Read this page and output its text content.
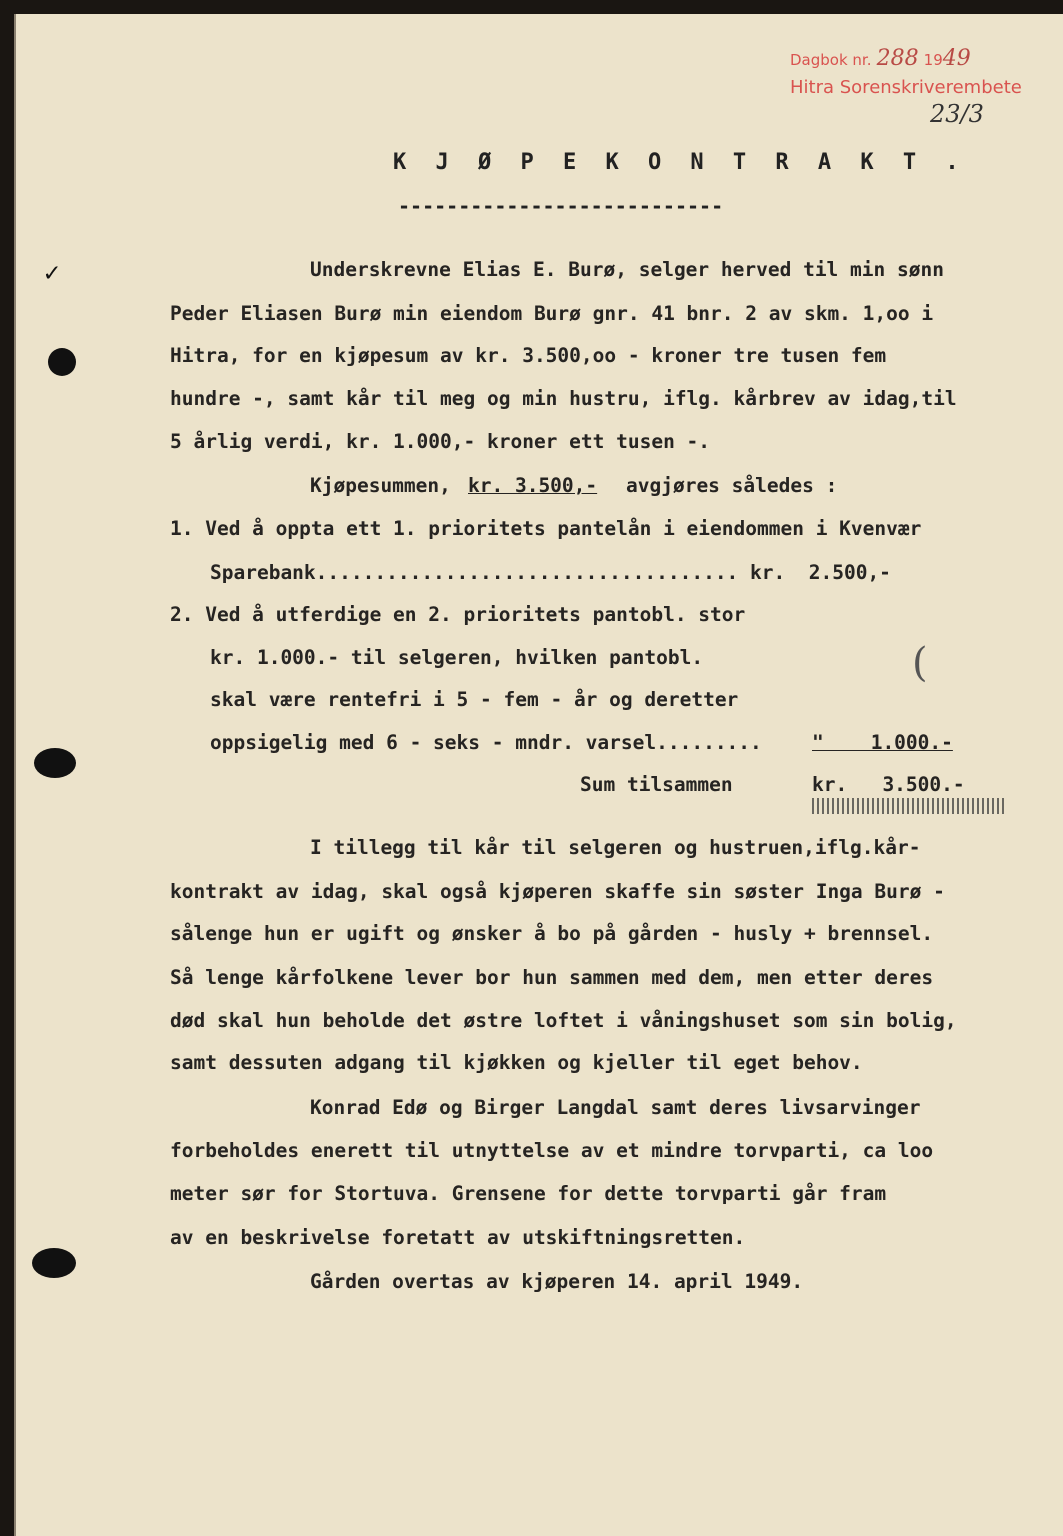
✓
(
Dagbok nr. 288 1949
Hitra Sorenskriverembete
23/3
K J Ø P E K O N T R A K T .
---------------------------
Underskrevne Elias E. Burø, selger herved til min sønn
Peder Eliasen Burø min eiendom Burø gnr. 41 bnr. 2 av skm. 1,oo i
Hitra, for en kjøpesum av kr. 3.500,oo - kroner tre tusen fem
hundre -, samt kår til meg og min hustru, iflg. kårbrev av idag,til
5 årlig verdi, kr. 1.000,- kroner ett tusen -.
Kjøpesummen, kr. 3.500,- avgjøres således :
1. Ved å oppta ett 1. prioritets pantelån i eiendommen i Kvenvær
Sparebank.................................... kr.  2.500,-
2. Ved å utferdige en 2. prioritets pantobl. stor
kr. 1.000.- til selgeren, hvilken pantobl.
skal være rentefri i 5 - fem - år og deretter
oppsigelig med 6 - seks - mndr. varsel.........	"    1.000.-
Sum tilsammen	kr.   3.500.-
I tillegg til kår til selgeren og hustruen,iflg.kår-
kontrakt av idag, skal også kjøperen skaffe sin søster Inga Burø -
sålenge hun er ugift og ønsker å bo på gården - husly + brennsel.
Så lenge kårfolkene lever bor hun sammen med dem, men etter deres
død skal hun beholde det østre loftet i våningshuset som sin bolig,
samt dessuten adgang til kjøkken og kjeller til eget behov.
Konrad Edø og Birger Langdal samt deres livsarvinger
forbeholdes enerett til utnyttelse av et mindre torvparti, ca loo
meter sør for Stortuva. Grensene for dette torvparti går fram
av en beskrivelse foretatt av utskiftningsretten.
Gården overtas av kjøperen 14. april 1949.
